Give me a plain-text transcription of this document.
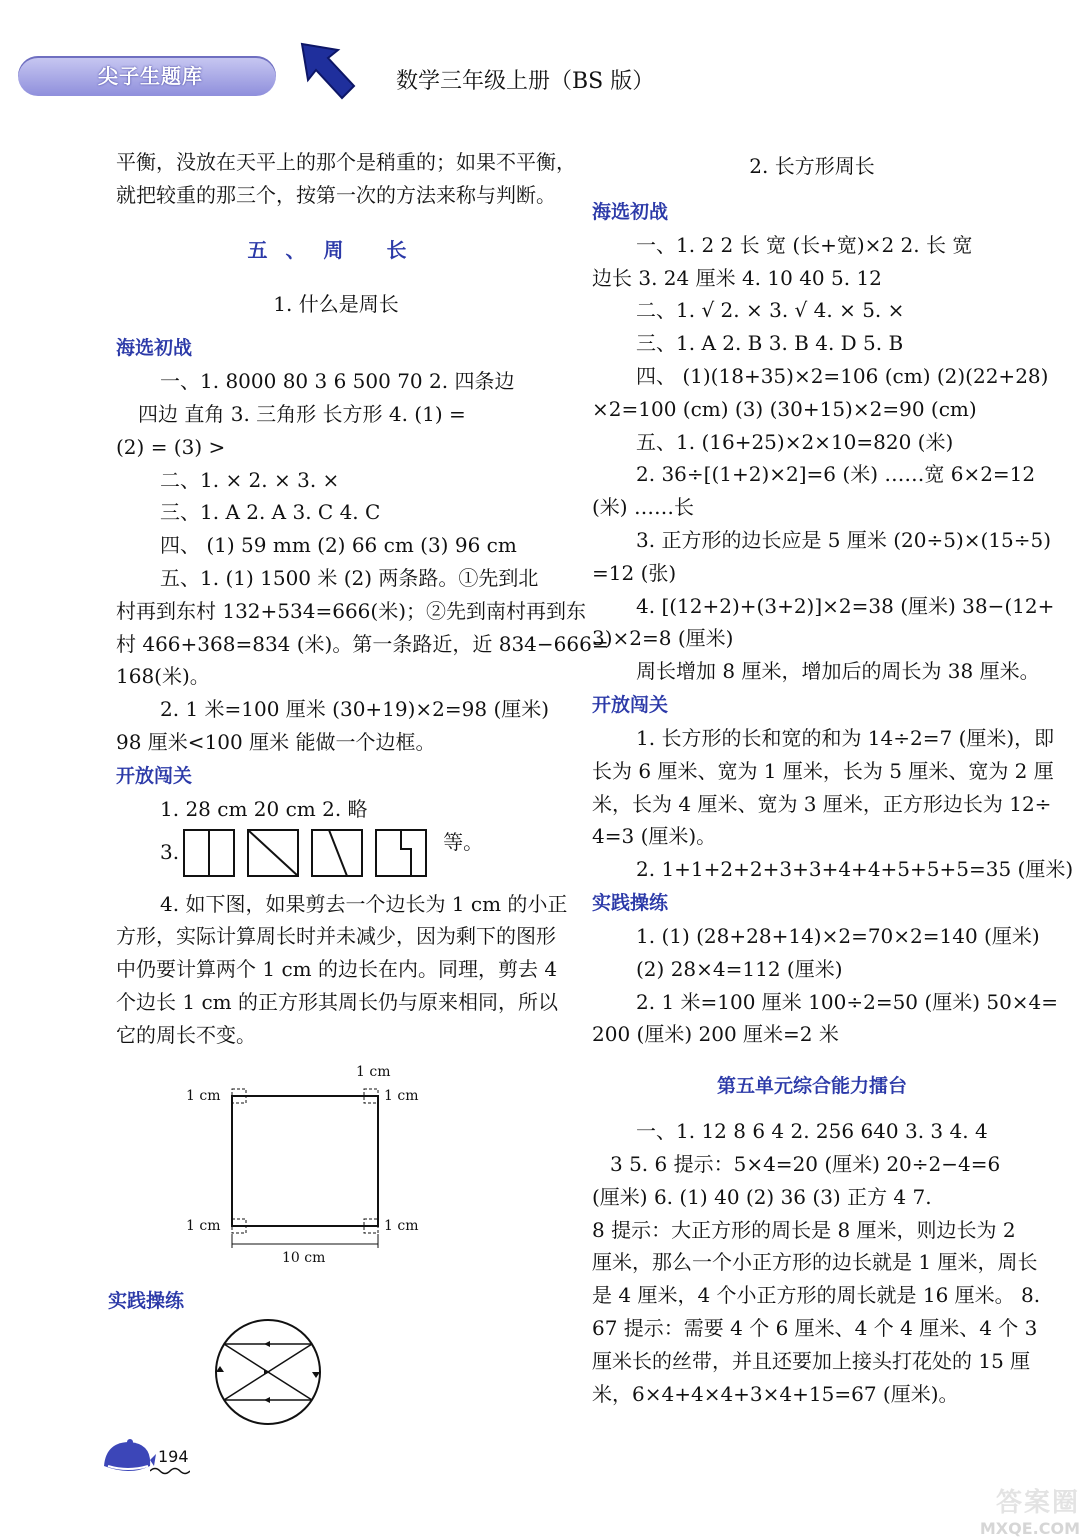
尖子生题库	数学三年级上册（BS 版）

平衡，没放在天平上的那个是稍重的；如果不平衡，

就把较重的那三个，按第一次的方法来称与判断。

五、周 长

1. 什么是周长

海选初战

一、1. 8000 80 3 6 500 70 2. 四条边

四边 直角 3. 三角形 长方形 4. (1) =

(2) = (3) >

二、1. × 2. × 3. ×

三、1. A 2. A 3. C 4. C

四、 (1) 59 mm (2) 66 cm (3) 96 cm

五、1. (1) 1500 米 (2) 两条路。①先到北

村再到东村 132+534=666(米)；②先到南村再到东

村 466+368=834 (米)。第一条路近，近 834−666=

168(米)。

2. 1 米=100 厘米 (30+19)×2=98 (厘米)

98 厘米<100 厘米 能做一个边框。

开放闯关

1. 28 cm 20 cm 2. 略

3.	等。

4. 如下图，如果剪去一个边长为 1 cm 的小正

方形，实际计算周长时并未减少，因为剩下的图形

中仍要计算两个 1 cm 的边长在内。同理，剪去 4

个边长 1 cm 的正方形其周长仍与原来相同，所以

它的周长不变。

1 cm
1 cm	1 cm
1 cm	1 cm
10 cm
实践操练
194

2. 长方形周长

海选初战

一、1. 2 2 长 宽 (长+宽)×2 2. 长 宽

边长 3. 24 厘米 4. 10 40 5. 12

二、1. √ 2. × 3. √ 4. × 5. ×

三、1. A 2. B 3. B 4. D 5. B

四、 (1)(18+35)×2=106 (cm) (2)(22+28)

×2=100 (cm) (3) (30+15)×2=90 (cm)

五、1. (16+25)×2×10=820 (米)

2. 36÷[(1+2)×2]=6 (米) ……宽 6×2=12

(米) ……长

3. 正方形的边长应是 5 厘米 (20÷5)×(15÷5)

=12 (张)

4. [(12+2)+(3+2)]×2=38 (厘米) 38−(12+

3)×2=8 (厘米)

周长增加 8 厘米，增加后的周长为 38 厘米。

开放闯关

1. 长方形的长和宽的和为 14÷2=7 (厘米)，即

长为 6 厘米、宽为 1 厘米，长为 5 厘米、宽为 2 厘

米，长为 4 厘米、宽为 3 厘米，正方形边长为 12÷

4=3 (厘米)。

2. 1+1+2+2+3+3+4+4+5+5+5=35 (厘米)

实践操练

1. (1) (28+28+14)×2=70×2=140 (厘米)

(2) 28×4=112 (厘米)

2. 1 米=100 厘米 100÷2=50 (厘米) 50×4=

200 (厘米) 200 厘米=2 米

第五单元综合能力擂台

一、1. 12 8 6 4 2. 256 640 3. 3 4. 4

3 5. 6 提示：5×4=20 (厘米) 20÷2−4=6

(厘米) 6. (1) 40 (2) 36 (3) 正方 4 7.

8 提示：大正方形的周长是 8 厘米，则边长为 2

厘米，那么一个小正方形的边长就是 1 厘米，周长

是 4 厘米，4 个小正方形的周长就是 16 厘米。 8.

67 提示：需要 4 个 6 厘米、4 个 4 厘米、4 个 3

厘米长的丝带，并且还要加上接头打花处的 15 厘

米，6×4+4×4+3×4+15=67 (厘米)。

答案圈
MXQE.COM
